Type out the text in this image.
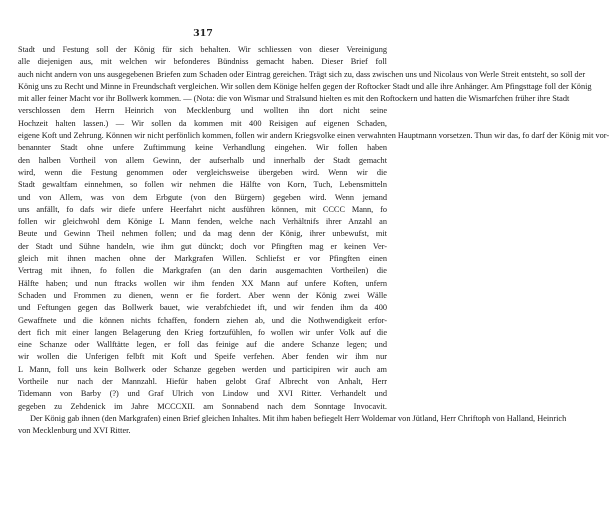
317
Stadt und Festung soll der König für sich behalten. Wir schliessen von dieser Vereinigung
alle diejenigen aus, mit welchen wir befonderes Bündniss gemacht haben. Dieser Brief foll
auch nicht andern von uns ausgegebenen Briefen zum Schaden oder Eintrag gereichen. Trägt sich zu, dass zwischen uns und Nicolaus von Werle Streit entsteht, so soll der
König uns zu Recht und Minne in Freundschaft vergleichen. Wir sollen dem Könige helfen gegen der Roftocker Stadt und alle ihre Anhänger. Am Pfingsttage foll der König
mit aller feiner Macht vor ihr Bollwerk kommen. — (Nota: die von Wismar und Stralsund hielten es mit den Roftockern und hatten die Wismarfchen früher ihre Stadt
verschlossen dem Herrn Heinrich von Mecklenburg und wollten ihn dort nicht seine
Hochzeit halten lassen.) — Wir sollen da kommen mit 400 Reisigen auf eigenen Schaden,
eigene Koft und Zehrung. Können wir nicht perfönlich kommen, follen wir andern Kriegsvolke einen verwahnten Hauptmann vorsetzen. Thun wir das, fo darf der König mit vor-
benannter Stadt ohne unfere Zuftimmung keine Verhandlung eingehen. Wir follen haben
den halben Vortheil von allem Gewinn, der aufserhalb und innerhalb der Stadt gemacht
wird, wenn die Festung genommen oder vergleichsweise übergeben wird. Wenn wir die
Stadt gewaltfam einnehmen, so follen wir nehmen die Hälfte von Korn, Tuch, Lebensmitteln
und von Allem, was von dem Erbgute (von den Bürgern) gegeben wird. Wenn jemand
uns anfällt, fo dafs wir diefe unfere Heerfahrt nicht ausführen können, mit CCCC Mann, fo
follen wir gleichwohl dem Könige L Mann fenden, welche nach Verhältnifs ihrer Anzahl an
Beute und Gewinn Theil nehmen follen; und da mag denn der König, ihrer unbewufst, mit
der Stadt und Sühne handeln, wie ihm gut dünckt; doch vor Pfingften mag er keinen Ver-
gleich mit ihnen machen ohne der Markgrafen Willen. Schliefst er vor Pfingften einen
Vertrag mit ihnen, fo follen die Markgrafen (an den darin ausgemachten Vortheilen) die
Hälfte haben; und nun ftracks wollen wir ihm fenden XX Mann auf unfere Koften, unfern
Schaden und Frommen zu dienen, wenn er fie fordert. Aber wenn der König zwei Wälle
und Feftungen gegen das Bollwerk bauet, wie verabfchiedet ift, und wir fenden ihm da 400
Gewaffnete und die können nichts fchaffen, fondern ziehen ab, und die Nothwendigkeit erfor-
dert fich mit einer langen Belagerung den Krieg fortzufühlen, fo wollen wir unfer Volk auf die
eine Schanze oder Wallftätte legen, er foll das feinige auf die andere Schanze legen; und
wir wollen die Unferigen felbft mit Koft und Speife verfehen. Aber fenden wir ihm nur
L Mann, foll uns kein Bollwerk oder Schanze gegeben werden und participiren wir auch am
Vortheile nur nach der Mannzahl. Hiefür haben gelobt Graf Albrecht von Anhalt, Herr
Tidemann von Barby (?) und Graf Ulrich von Lindow und XVI Ritter. Verhandelt und
gegeben zu Zehdenick im Jahre MCCCXII. am Sonnabend nach dem Sonntage Invocavit.
Der König gab ihnen (den Markgrafen) einen Brief gleichen Inhaltes. Mit ihm haben befiegelt Herr Woldemar von Jütland, Herr Chriftoph von Halland, Heinrich
von Mecklenburg und XVI Ritter.
